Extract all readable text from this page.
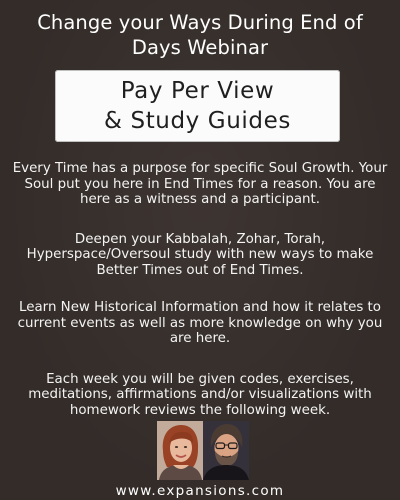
Change your Ways During End of Days Webinar
Pay Per View
& Study Guides

Every Time has a purpose for specific Soul Growth. Your Soul put you here in End Times for a reason. You are here as a witness and a participant.

Deepen your Kabbalah, Zohar, Torah, Hyperspace/Oversoul study with new ways to make Better Times out of End Times.

Learn New Historical Information and how it relates to current events as well as more knowledge on why you are here.

Each week you will be given codes, exercises, meditations, affirmations and/or visualizations with homework reviews the following week.

www.expansions.com
